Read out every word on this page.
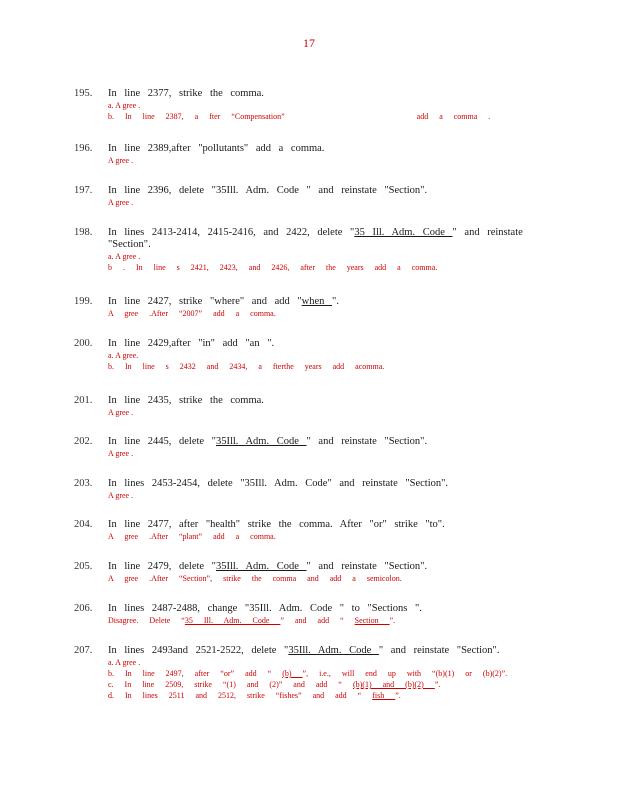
17
195.	In line 2377, strike the comma.
a. A gree .
b. In line 2387, a fter “Compensation”	add a comma .
196.	In line 2389,after "pollutants" add a comma.
A gree .
197.	In line 2396, delete "35Ill. Adm. Code " and reinstate "Section".
A gree .
198.	In lines 2413-2414, 2415-2416, and 2422, delete "35 Ill. Adm. Code " and reinstate
"Section".
a. A gree .
b . In line s 2421, 2423, and 2426, after the years add a comma.
199.	In line 2427, strike "where" and add "when ".
A gree .After “2007” add a comma.
200.	In line 2429,after "in" add "an ".
a. A gree.
b. In line s 2432 and 2434, a fterthe years add acomma.
201.	In line 2435, strike the comma.
A gree .
202.	In line 2445, delete "35Ill. Adm. Code " and reinstate "Section".
A gree .
203.	In lines 2453-2454, delete "35Ill. Adm. Code" and reinstate "Section".
A gree .
204.	In line 2477, after "health" strike the comma. After "or" strike "to".
A gree .After “plant” add a comma.
205.	In line 2479, delete "35Ill. Adm. Code " and reinstate "Section".
A gree .After “Section”, strike the comma and add a semicolon.
206.	In lines 2487-2488, change "35Ill. Adm. Code " to "Sections ".
Disagree. Delete “35 Ill. Adm. Code ” and add “ Section ”.
207.	In lines 2493and 2521-2522, delete "35Ill. Adm. Code " and reinstate "Section".
a. A gree .
b. In line 2497, after “or” add “ (b) ”, i.e., will end up with “(b)(1) or (b)(2)”.
c. In line 2509, strike “(1) and (2)” and add “ (b)(1) and (b)(2) ”.
d. In lines 2511 and 2512, strike “fishes” and add “ fish ”.
